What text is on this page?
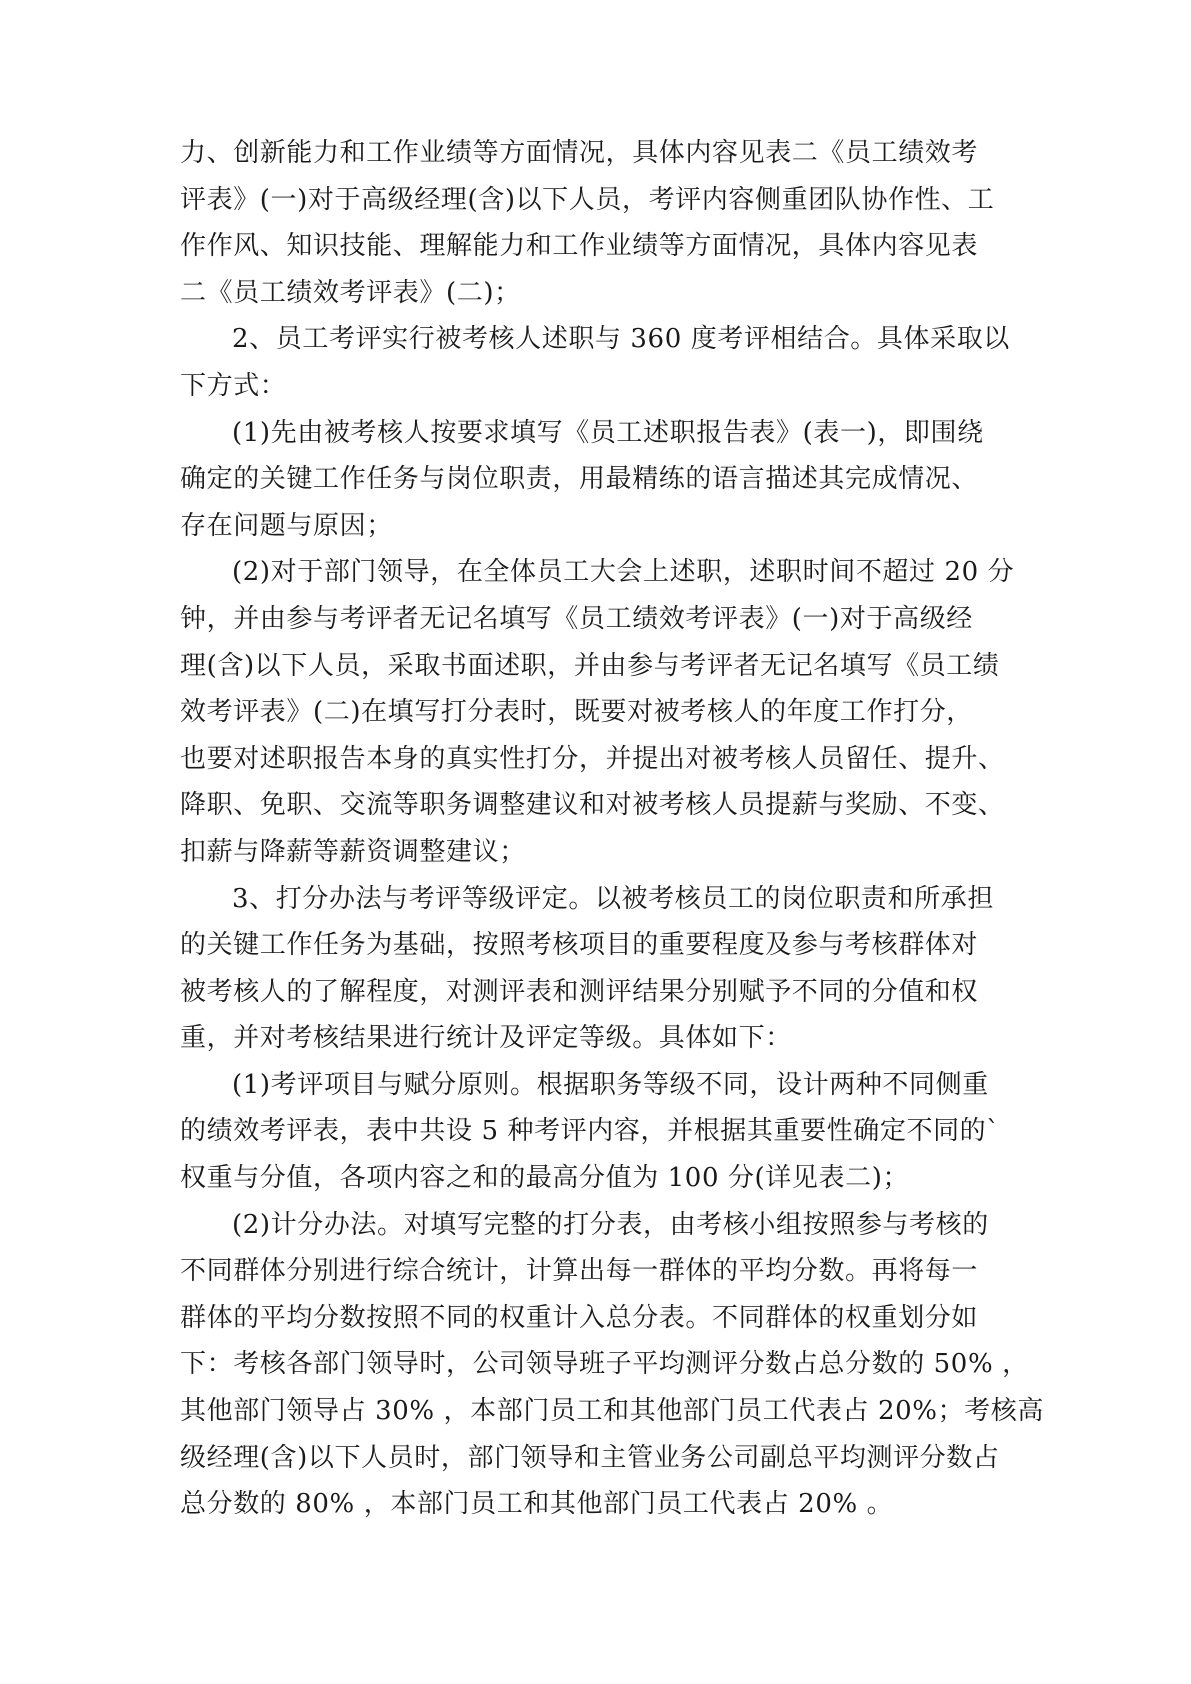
力、创新能力和工作业绩等方面情况，具体内容见表二《员工绩效考
评表》(一)对于高级经理(含)以下人员，考评内容侧重团队协作性、工
作作风、知识技能、理解能力和工作业绩等方面情况，具体内容见表
二《员工绩效考评表》(二)；
2、员工考评实行被考核人述职与 360 度考评相结合。具体采取以
下方式：
(1)先由被考核人按要求填写《员工述职报告表》(表一)，即围绕
确定的关键工作任务与岗位职责，用最精练的语言描述其完成情况、
存在问题与原因；
(2)对于部门领导，在全体员工大会上述职，述职时间不超过 20 分
钟，并由参与考评者无记名填写《员工绩效考评表》(一)对于高级经
理(含)以下人员，采取书面述职，并由参与考评者无记名填写《员工绩
效考评表》(二)在填写打分表时，既要对被考核人的年度工作打分，
也要对述职报告本身的真实性打分，并提出对被考核人员留任、提升、
降职、免职、交流等职务调整建议和对被考核人员提薪与奖励、不变、
扣薪与降薪等薪资调整建议；
3、打分办法与考评等级评定。以被考核员工的岗位职责和所承担
的关键工作任务为基础，按照考核项目的重要程度及参与考核群体对
被考核人的了解程度，对测评表和测评结果分别赋予不同的分值和权
重，并对考核结果进行统计及评定等级。具体如下：
(1)考评项目与赋分原则。根据职务等级不同，设计两种不同侧重
的绩效考评表，表中共设 5 种考评内容，并根据其重要性确定不同的`
权重与分值，各项内容之和的最高分值为 100 分(详见表二)；
(2)计分办法。对填写完整的打分表，由考核小组按照参与考核的
不同群体分别进行综合统计，计算出每一群体的平均分数。再将每一
群体的平均分数按照不同的权重计入总分表。不同群体的权重划分如
下：考核各部门领导时，公司领导班子平均测评分数占总分数的 50% ，
其他部门领导占 30% ，本部门员工和其他部门员工代表占 20%；考核高
级经理(含)以下人员时，部门领导和主管业务公司副总平均测评分数占
总分数的 80% ，本部门员工和其他部门员工代表占 20% 。
